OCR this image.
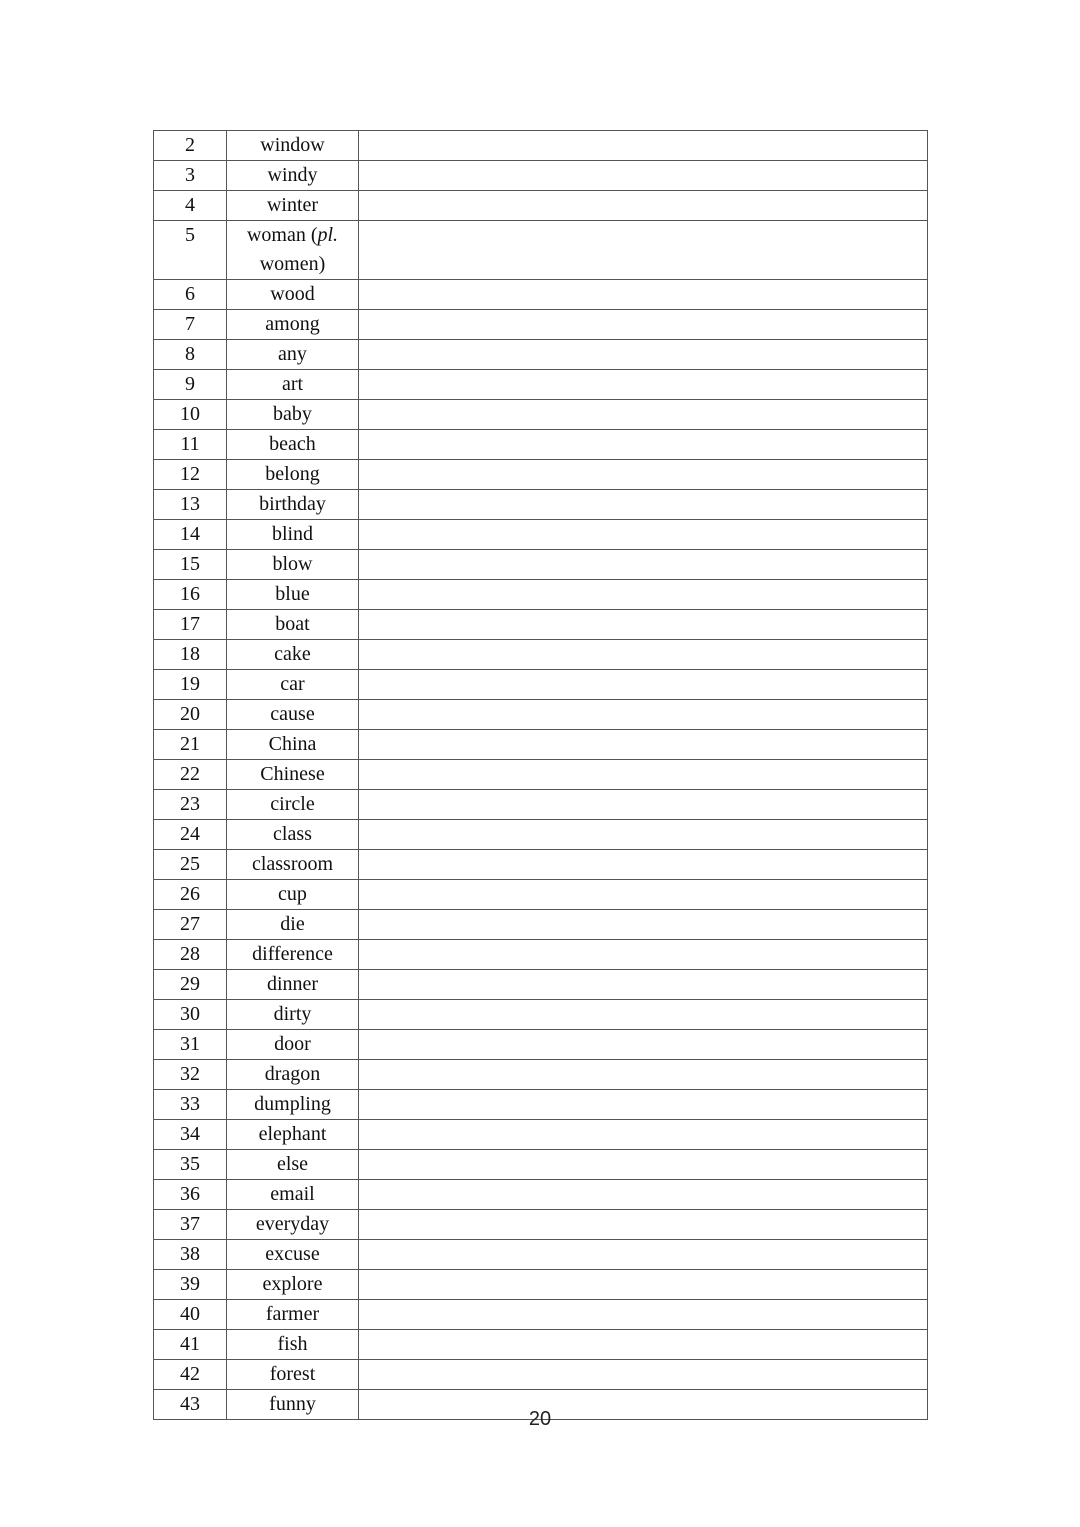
2	window	
3	windy	
4	winter	
5	woman (pl.
women)	
6	wood	
7	among	
8	any	
9	art	
10	baby	
11	beach	
12	belong	
13	birthday	
14	blind	
15	blow	
16	blue	
17	boat	
18	cake	
19	car	
20	cause	
21	China	
22	Chinese	
23	circle	
24	class	
25	classroom	
26	cup	
27	die	
28	difference	
29	dinner	
30	dirty	
31	door	
32	dragon	
33	dumpling	
34	elephant	
35	else	
36	email	
37	everyday	
38	excuse	
39	explore	
40	farmer	
41	fish	
42	forest	
43	funny	
20
